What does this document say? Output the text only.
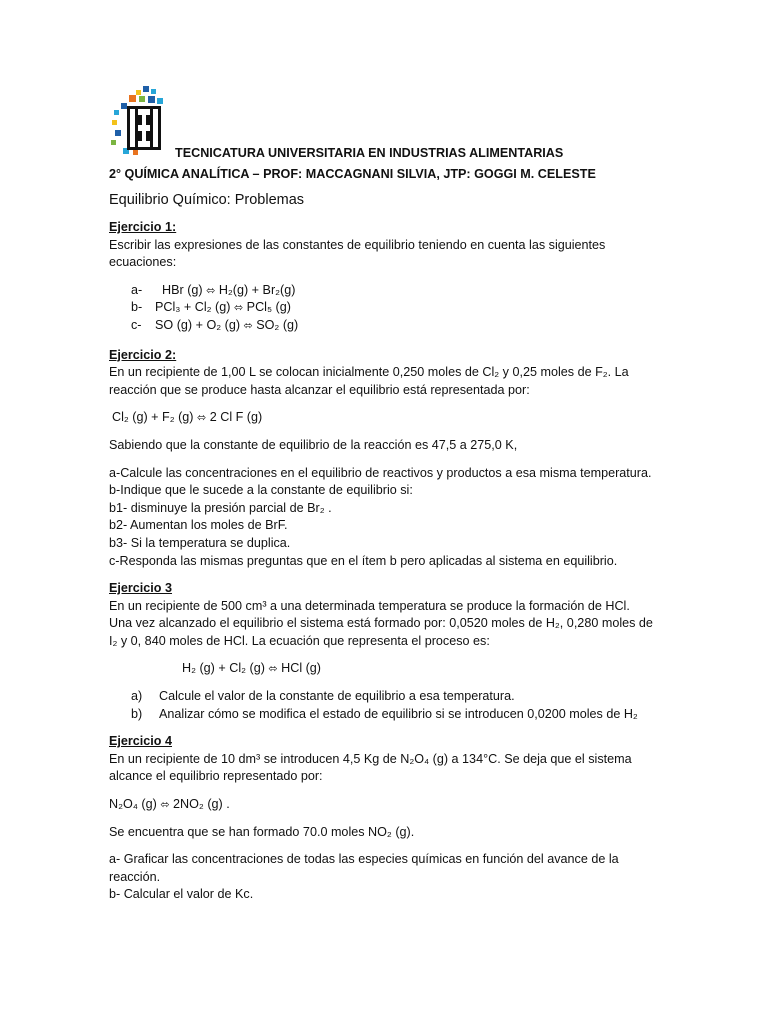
TECNICATURA UNIVERSITARIA EN INDUSTRIAS ALIMENTARIAS
2° QUÍMICA ANALÍTICA – PROF: MACCAGNANI SILVIA, JTP: GOGGI M. CELESTE
Equilibrio Químico: Problemas

Ejercicio 1:

Escribir las expresiones de las constantes de equilibrio teniendo en cuenta las siguientes ecuaciones:

a-	HBr (g) ⬄ H₂(g) + Br₂(g)
b-	PCl₃ + Cl₂ (g) ⬄ PCl₅ (g)
c-	SO (g) + O₂ (g) ⬄ SO₂ (g)

Ejercicio 2:

En un recipiente de 1,00 L se colocan inicialmente 0,250 moles de Cl₂ y 0,25 moles de F₂. La reacción que se produce hasta alcanzar el equilibrio está representada por:

Cl₂ (g) + F₂ (g) ⬄ 2 Cl F (g)

Sabiendo que la constante de equilibrio de la reacción es 47,5 a 275,0 K,

a-Calcule las concentraciones en el equilibrio de reactivos y productos a esa misma temperatura.

b-Indique que le sucede a la constante de equilibrio si:

b1- disminuye la presión parcial de Br₂ .

b2- Aumentan los moles de BrF.

b3- Si la temperatura se duplica.

c-Responda las mismas preguntas que en el ítem b pero aplicadas al sistema en equilibrio.

Ejercicio 3

En un recipiente de 500 cm³ a una determinada temperatura se produce la formación de HCl. Una vez alcanzado el equilibrio el sistema está formado por: 0,0520 moles de H₂, 0,280 moles de I₂ y 0, 840 moles de HCl. La ecuación que representa el proceso es:

H₂ (g) + Cl₂ (g) ⬄ HCl (g)

a)	Calcule el valor de la constante de equilibrio a esa temperatura.
b)	Analizar cómo se modifica el estado de equilibrio si se introducen 0,0200 moles de H₂

Ejercicio 4

En un recipiente de 10 dm³ se introducen 4,5 Kg de N₂O₄ (g) a 134°C. Se deja que el sistema alcance el equilibrio representado por:

N₂O₄ (g) ⬄ 2NO₂ (g) .

Se encuentra que se han formado 70.0 moles NO₂ (g).

a- Graficar las concentraciones de todas las especies químicas en función del avance de la reacción.

b- Calcular el valor de Kc.
